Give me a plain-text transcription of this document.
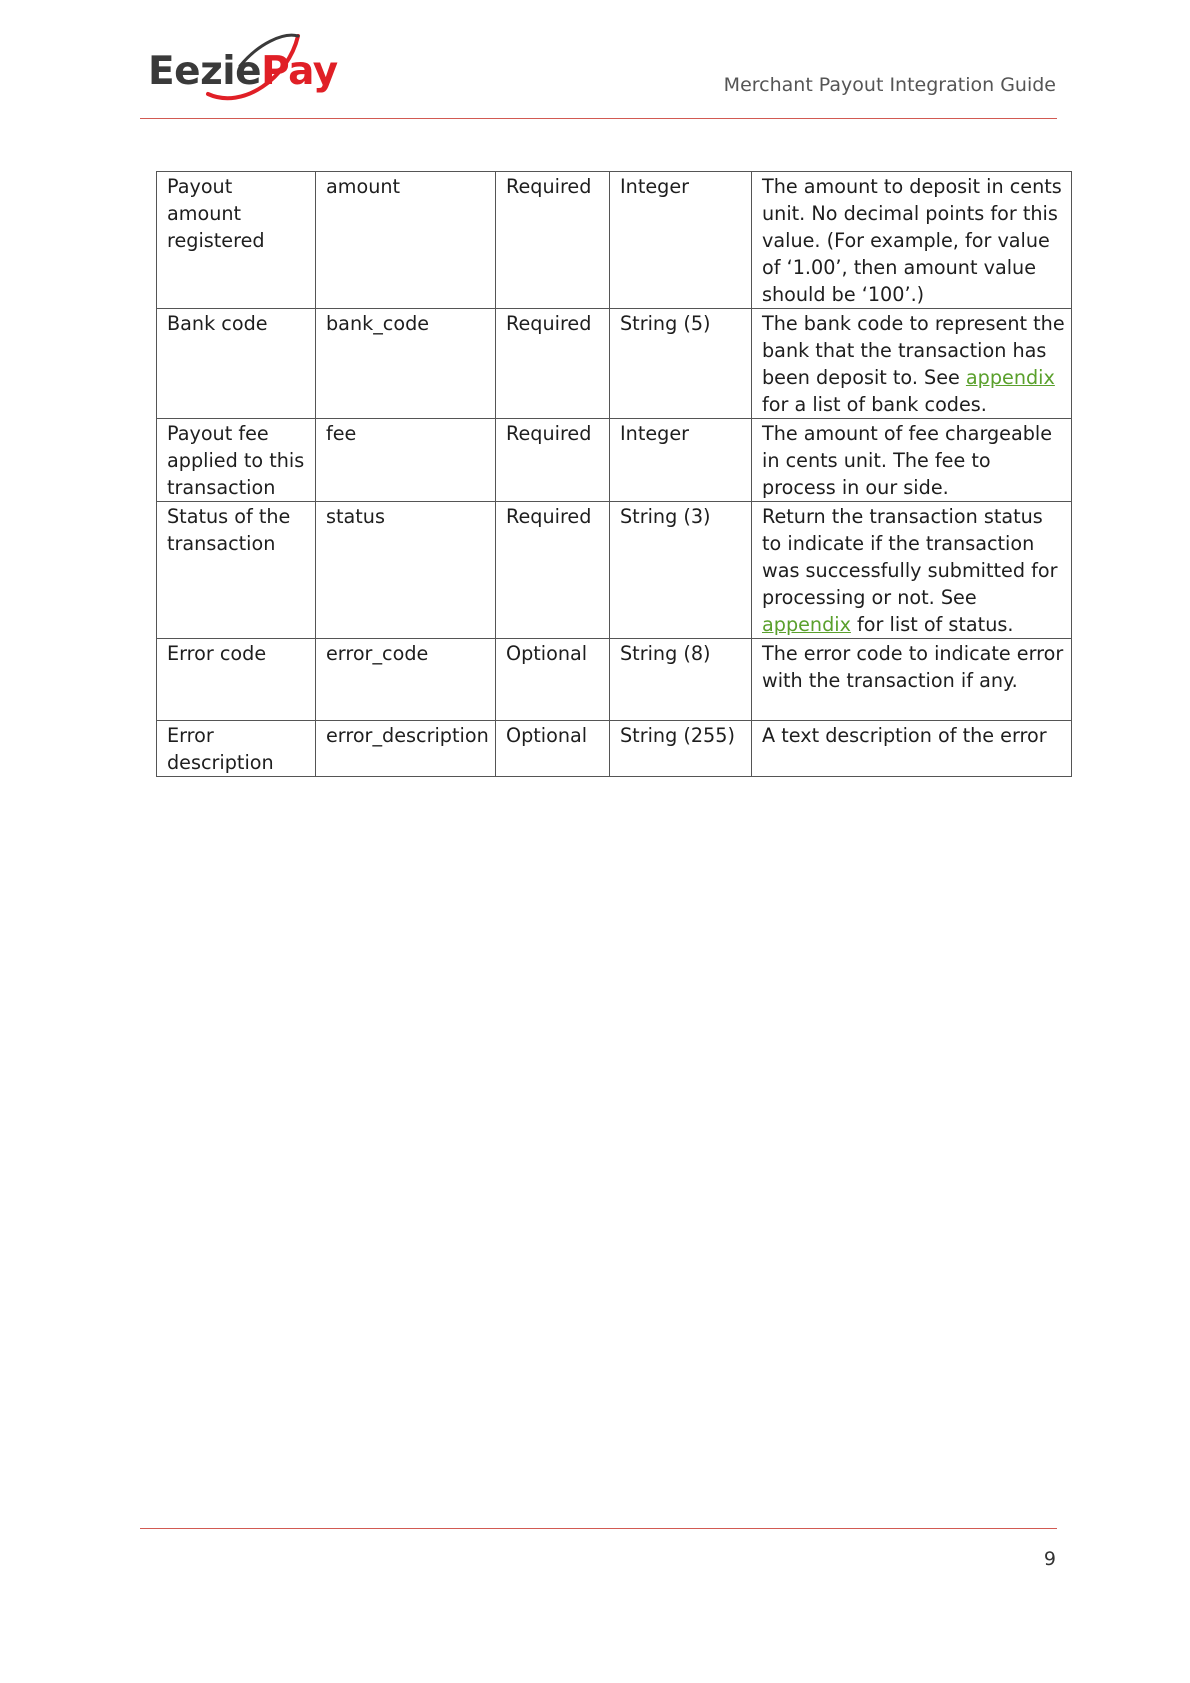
EeziePay	Merchant Payout Integration Guide
Payout amount registered	amount	Required	Integer	The amount to deposit in cents unit. No decimal points for this value. (For example, for value of ‘1.00’, then amount value should be ‘100’.)
Bank code	bank_code	Required	String (5)	The bank code to represent the bank that the transaction has been deposit to. See appendix for a list of bank codes.
Payout fee applied to this transaction	fee	Required	Integer	The amount of fee chargeable in cents unit. The fee to process in our side.
Status of the transaction	status	Required	String (3)	Return the transaction status to indicate if the transaction was successfully submitted for processing or not. See appendix for list of status.
Error code	error_code	Optional	String (8)	The error code to indicate error with the transaction if any.
Error description	error_description	Optional	String (255)	A text description of the error
9
